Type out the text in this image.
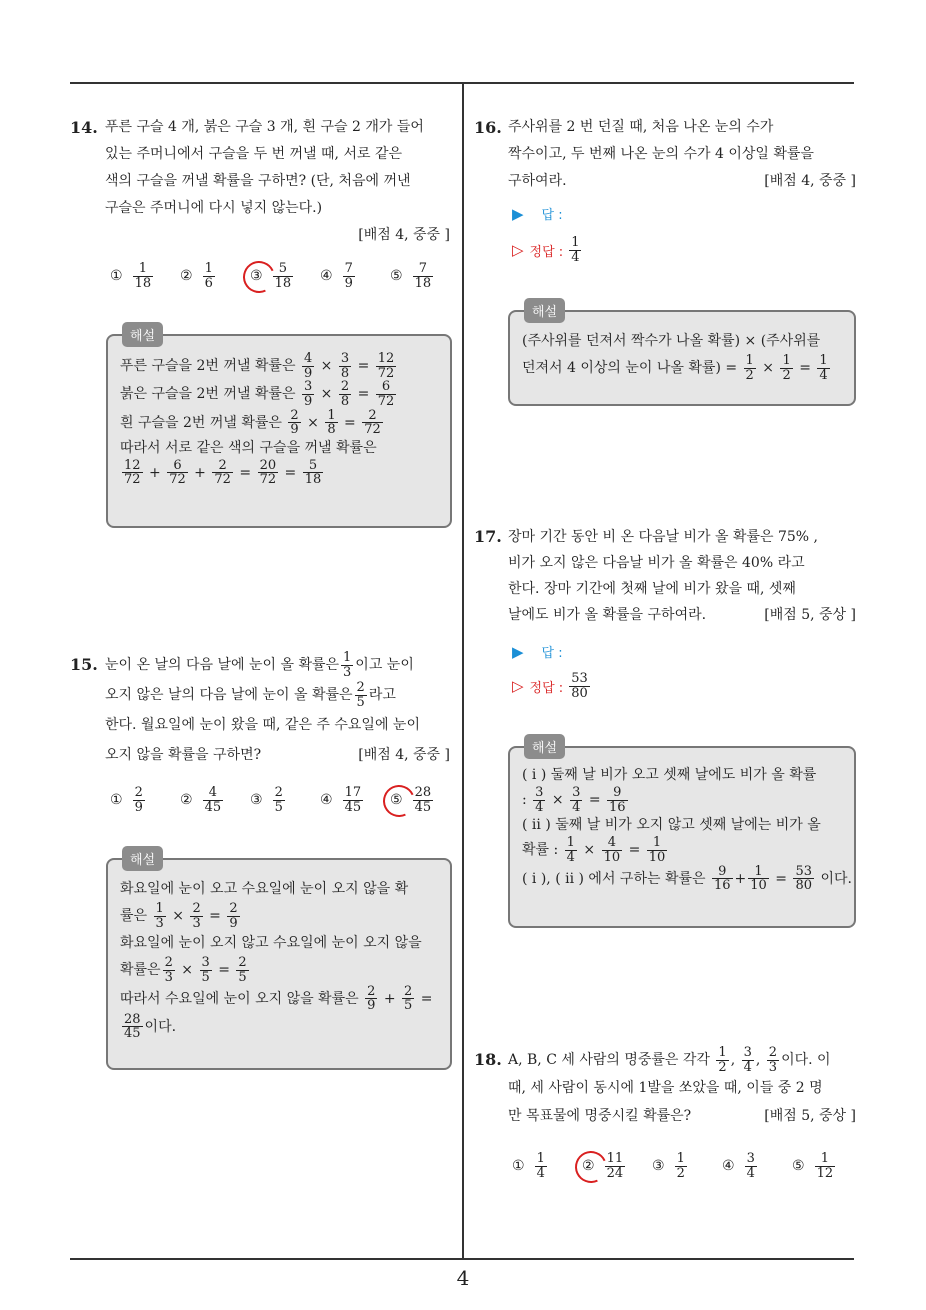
4
14. 푸른 구슬 4 개, 붉은 구슬 3 개, 흰 구슬 2 개가 들어
있는 주머니에서 구슬을 두 번 꺼낼 때, 서로 같은
색의 구슬을 꺼낼 확률을 구하면? (단, 처음에 꺼낸
구슬은 주머니에 다시 넣지 않는다.)
[배점 4, 중중 ]
① $\frac{1}{18}$ ② $\frac{1}{6}$	③ $\frac{5}{18}$ ④ $\frac{7}{9}$	⑤ $\frac{7}{18}$
해설
푸른 구슬을 2번 꺼낼 확률은 $\frac{4}{9} \times \frac{3}{8} = \frac{12}{72}$
붉은 구슬을 2번 꺼낼 확률은 $\frac{3}{9} \times \frac{2}{8} = \frac{6}{72}$
흰 구슬을 2번 꺼낼 확률은 $\frac{2}{9} \times \frac{1}{8} = \frac{2}{72}$
따라서 서로 같은 색의 구슬을 꺼낼 확률은
$\frac{12}{72} + \frac{6}{72} + \frac{2}{72} = \frac{20}{72} = \frac{5}{18}$
15. 눈이 온 날의 다음 날에 눈이 올 확률은 $\frac{1}{3}$ 이고 눈이
오지 않은 날의 다음 날에 눈이 올 확률은 $\frac{2}{5}$ 라고
한다. 월요일에 눈이 왔을 때, 같은 주 수요일에 눈이
오지 않을 확률을 구하면?	[배점 4, 중중 ]
① $\frac{2}{9}$	② $\frac{4}{45}$ ③ $\frac{2}{5}$	④ $\frac{17}{45}$ ⑤ $\frac{28}{45}$
해설
화요일에 눈이 오고 수요일에 눈이 오지 않을 확
률은 $\frac{1}{3} \times \frac{2}{3} = \frac{2}{9}$
화요일에 눈이 오지 않고 수요일에 눈이 오지 않을
확률은 $\frac{2}{3} \times \frac{3}{5} = \frac{2}{5}$
따라서 수요일에 눈이 오지 않을 확률은 $\frac{2}{9} + \frac{2}{5}$ =
$\frac{28}{45}$ 이다.
16. 주사위를 2 번 던질 때, 처음 나온 눈의 수가
짝수이고, 두 번째 나온 눈의 수가 4 이상일 확률을
구하여라.	[배점 4, 중중 ]
▶ 답 :
▷ 정답 : $\frac{1}{4}$
해설
(주사위를 던져서 짝수가 나올 확률) × (주사위를
던져서 4 이상의 눈이 나올 확률) = $\frac{1}{2} \times \frac{1}{2} = \frac{1}{4}$
17. 장마 기간 동안 비 온 다음날 비가 올 확률은 75% ,
비가 오지 않은 다음날 비가 올 확률은 40% 라고
한다. 장마 기간에 첫째 날에 비가 왔을 때, 셋째
날에도 비가 올 확률을 구하여라.	[배점 5, 중상 ]
▶ 답 :
▷ 정답 : $\frac{53}{80}$
해설
( i ) 둘째 날 비가 오고 셋째 날에도 비가 올 확률
: $\frac{3}{4} \times \frac{3}{4} = \frac{9}{16}$
( ii ) 둘째 날 비가 오지 않고 셋째 날에는 비가 올
확률 : $\frac{1}{4} \times \frac{4}{10} = \frac{1}{10}$
( i ), ( ii ) 에서 구하는 확률은 $\frac{9}{16} + \frac{1}{10} = \frac{53}{80}$ 이다.
18. A, B, C 세 사람의 명중률은 각각 $\frac{1}{2}$ , $\frac{3}{4}$ , $\frac{2}{3}$ 이다. 이
때, 세 사람이 동시에 1발을 쏘았을 때, 이들 중 2 명
만 목표물에 명중시킬 확률은?	[배점 5, 중상 ]
① $\frac{1}{4}$	② $\frac{11}{24}$ ③ $\frac{1}{2}$	④ $\frac{3}{4}$	⑤ $\frac{1}{12}$
